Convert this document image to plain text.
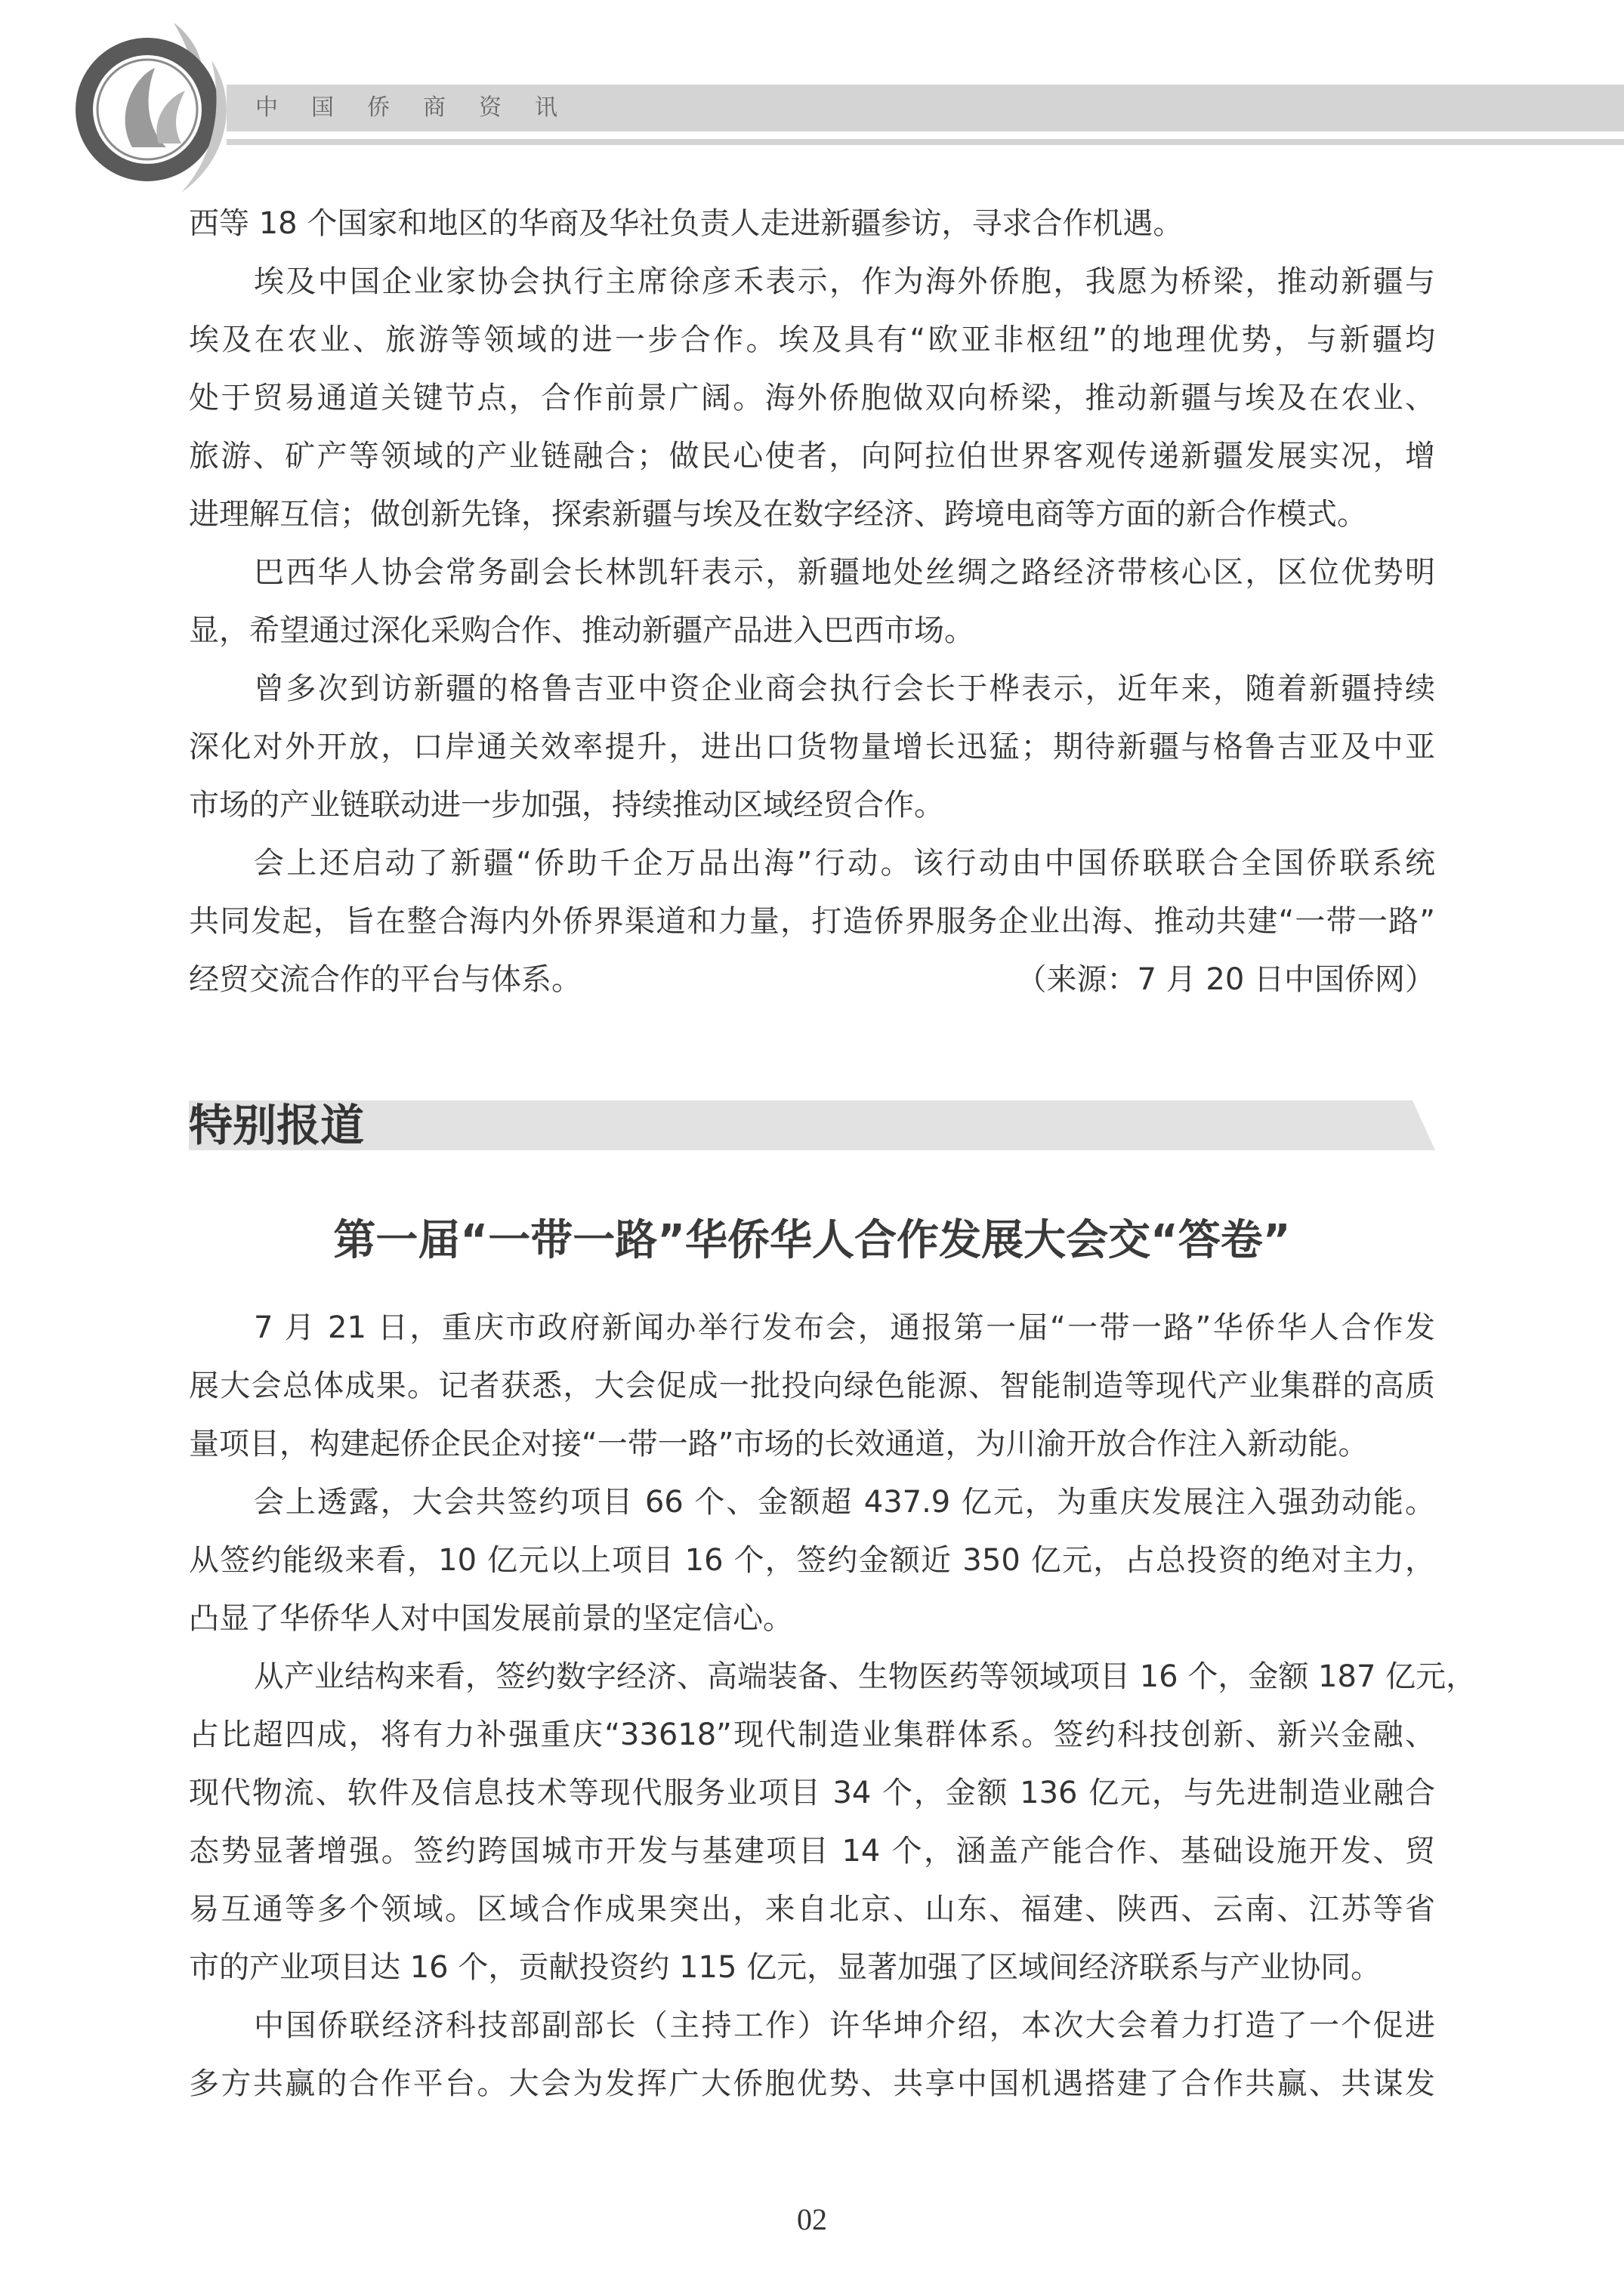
中国侨商资讯
西等 18 个国家和地区的华商及华社负责人走进新疆参访，寻求合作机遇。
埃及中国企业家协会执行主席徐彦禾表示，作为海外侨胞，我愿为桥梁，推动新疆与
埃及在农业、旅游等领域的进一步合作。埃及具有“欧亚非枢纽”的地理优势，与新疆均
处于贸易通道关键节点，合作前景广阔。海外侨胞做双向桥梁，推动新疆与埃及在农业、
旅游、矿产等领域的产业链融合；做民心使者，向阿拉伯世界客观传递新疆发展实况，增
进理解互信；做创新先锋，探索新疆与埃及在数字经济、跨境电商等方面的新合作模式。
巴西华人协会常务副会长林凯轩表示，新疆地处丝绸之路经济带核心区，区位优势明
显，希望通过深化采购合作、推动新疆产品进入巴西市场。
曾多次到访新疆的格鲁吉亚中资企业商会执行会长于桦表示，近年来，随着新疆持续
深化对外开放，口岸通关效率提升，进出口货物量增长迅猛；期待新疆与格鲁吉亚及中亚
市场的产业链联动进一步加强，持续推动区域经贸合作。
会上还启动了新疆“侨助千企万品出海”行动。该行动由中国侨联联合全国侨联系统
共同发起，旨在整合海内外侨界渠道和力量，打造侨界服务企业出海、推动共建“一带一路”
（来源：7 月 20 日中国侨网）
经贸交流合作的平台与体系。
特别报道
第一届“一带一路”华侨华人合作发展大会交“答卷”
7 月 21 日，重庆市政府新闻办举行发布会，通报第一届“一带一路”华侨华人合作发
展大会总体成果。记者获悉，大会促成一批投向绿色能源、智能制造等现代产业集群的高质
量项目，构建起侨企民企对接“一带一路”市场的长效通道，为川渝开放合作注入新动能。
会上透露，大会共签约项目 66 个、金额超 437.9 亿元，为重庆发展注入强劲动能。
从签约能级来看，10 亿元以上项目 16 个，签约金额近 350 亿元，占总投资的绝对主力，
凸显了华侨华人对中国发展前景的坚定信心。
从产业结构来看，签约数字经济、高端装备、生物医药等领域项目 16 个，金额 187 亿元，
占比超四成，将有力补强重庆“33618”现代制造业集群体系。签约科技创新、新兴金融、
现代物流、软件及信息技术等现代服务业项目 34 个，金额 136 亿元，与先进制造业融合
态势显著增强。签约跨国城市开发与基建项目 14 个，涵盖产能合作、基础设施开发、贸
易互通等多个领域。区域合作成果突出，来自北京、山东、福建、陕西、云南、江苏等省
市的产业项目达 16 个，贡献投资约 115 亿元，显著加强了区域间经济联系与产业协同。
中国侨联经济科技部副部长（主持工作）许华坤介绍，本次大会着力打造了一个促进
多方共赢的合作平台。大会为发挥广大侨胞优势、共享中国机遇搭建了合作共赢、共谋发
02
